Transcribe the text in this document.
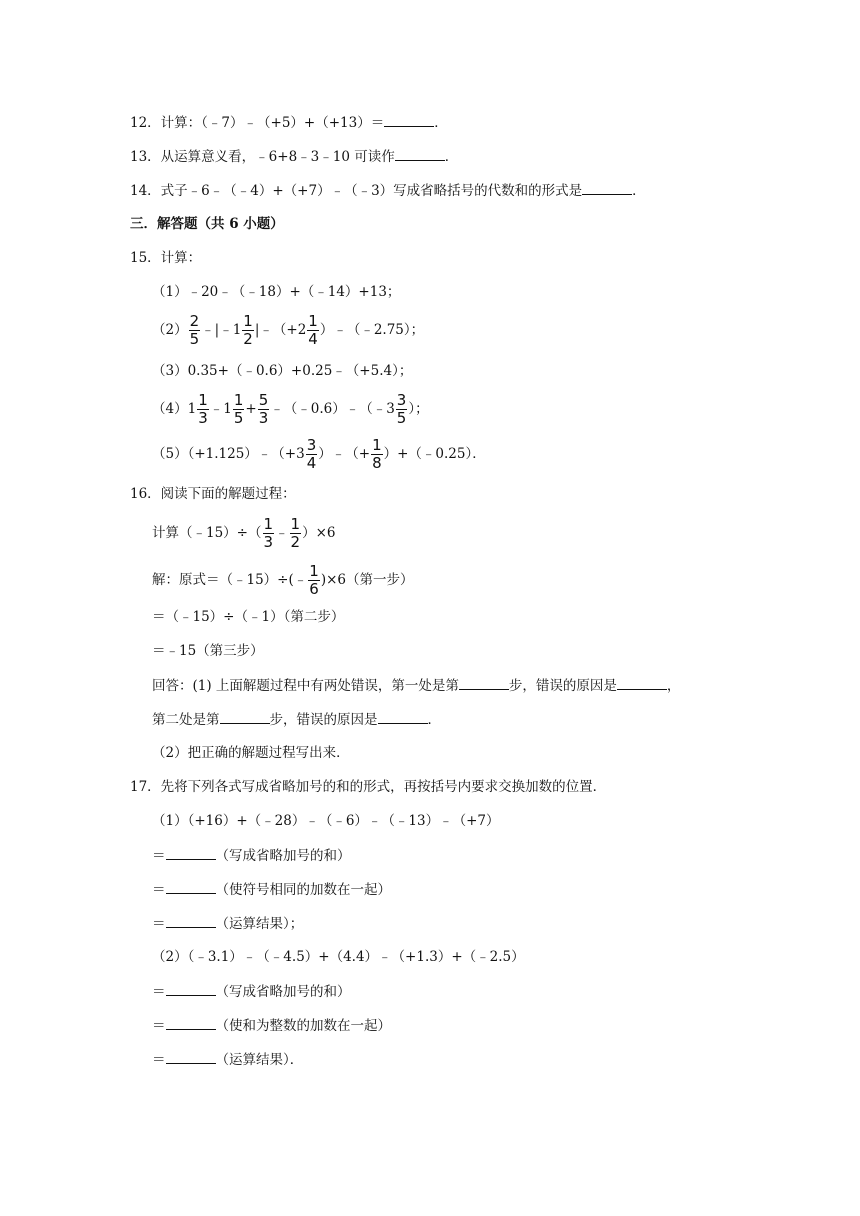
12．计算：（﹣7）﹣（+5）+（+13）＝	．
13．从运算意义看，﹣6+8﹣3﹣10 可读作	．
14．式子﹣6﹣（﹣4）+（+7）﹣（﹣3）写成省略括号的代数和的形式是	．
三．解答题（共 6 小题）
15．计算：
（1）﹣20﹣（﹣18）+（﹣14）+13；
$(2) \frac{2}{5}$ ﹣|﹣1 $\frac{1}{2}$ |﹣（+2 $\frac{1}{4}$ ）﹣（﹣2.75）；
（3）0.35+（﹣0.6）+0.25﹣（+5.4）；
$(4)1 \frac{1}{3}$ ﹣1 $\frac{1}{5} + \frac{5}{3}$ ﹣（﹣0.6）﹣（﹣3 $\frac{3}{5}$ ）；
（5）（+1.125）﹣（+3 $\frac{3}{4}$ ）﹣（+ $\frac{1}{8}$ ）+（﹣0.25）．
16．阅读下面的解题过程：
计算（﹣15）÷（ $\frac{1}{3}$ ﹣ $\frac{1}{2} )\times 6$
解：原式＝（﹣15）÷(﹣ $\frac{1}{6} )\times 6$（第一步）
＝（﹣15）÷（﹣1）（第二步）
＝﹣15（第三步）
回答：(1) 上面解题过程中有两处错误，第一处是第	步，错误的原因是	，
第二处是第	步，错误的原因是	．
（2）把正确的解题过程写出来．
17．先将下列各式写成省略加号的和的形式，再按括号内要求交换加数的位置．
（1）（+16）+（﹣28）﹣（﹣6）﹣（﹣13）﹣（+7）
＝	（写成省略加号的和）
＝	（使符号相同的加数在一起）
＝	（运算结果）；
（2）（﹣3.1）﹣（﹣4.5）+（4.4）﹣（+1.3）+（﹣2.5）
＝	（写成省略加号的和）
＝	（使和为整数的加数在一起）
＝	（运算结果）．
